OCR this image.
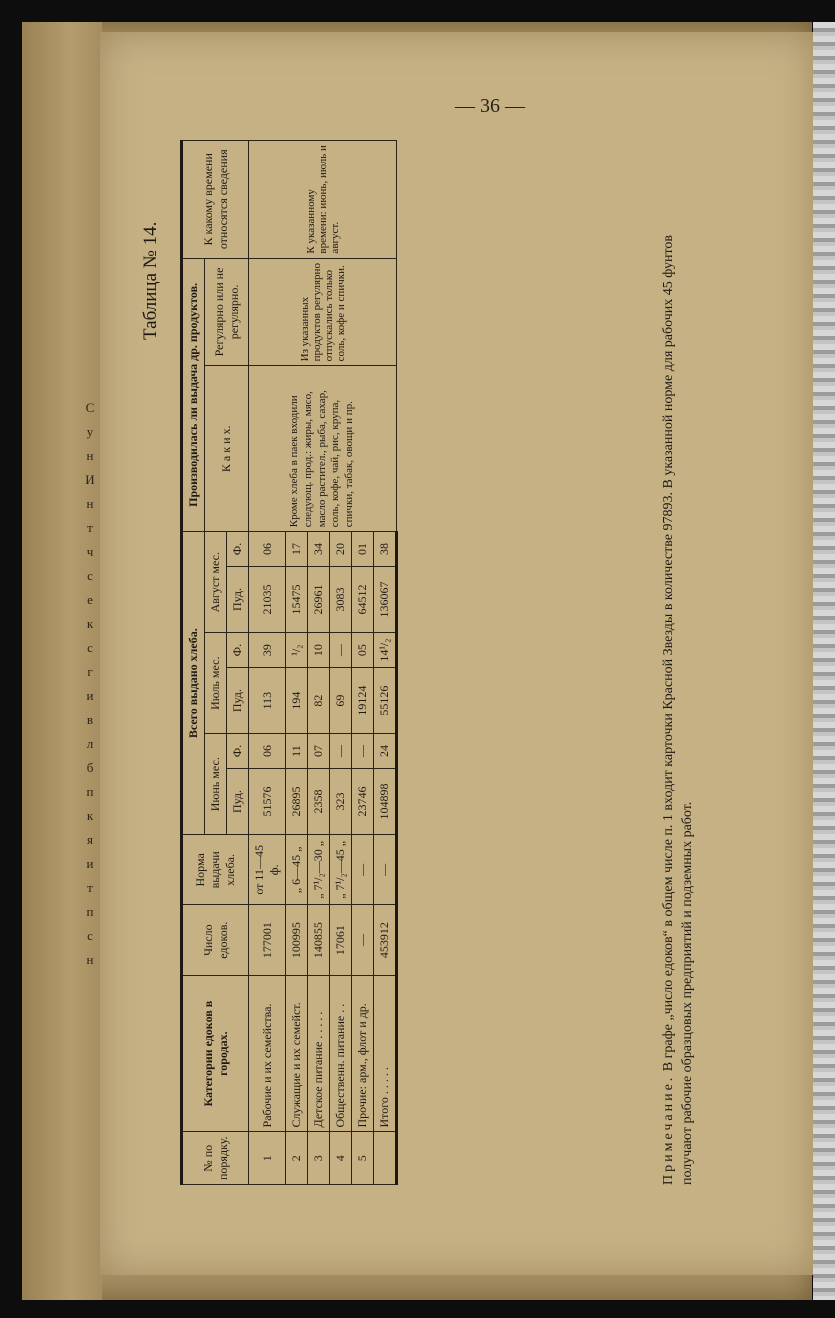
С
у
н
И
н
т
ч
с
е
к
с
г
и
в
л
б
п
к
я
и
т
п
с
н
— 36 —
Таблица № 14.
№ по порядку.	Категории едоков в городах.	Число едоков.	Норма выдачи хлеба.	Всего выдано хлеба.						Производилась ли выдача др. продуктов.		К какому времени относятся сведения
				Июнь мес.		Июль мес.		Август мес.		К а к и х.	Регулярно или не регулярно.	
				Пуд.	Ф.	Пуд.	Ф.	Пуд.	Ф.			
1	Рабочие и их семейства.	177001	от 11—45 ф.	51576	06	113	39	21035	06	Кроме хлеба в паек входили следующ. прод.: жиры, мясо, масло растител., рыба, сахар, соль, кофе, чай, рис, крупа, спички, табак, овощи и пр.	Из указанных продуктов регулярно отпускались только соль, кофе и спички.	К указанному времени: июнь, июль и август.
2	Служащие и их семейст.	100995	„ 6—45 „	26895	11	194	¹/₂	15475	17			
3	Детское питание . . . . .	140855	„ 7¹/₂—30 „	2358	07	82	10	26961	34			
4	Общественн. питание . .	17061	„ 7¹/₂—45 „	323	—	69	—	3083	20			
5	Прочие: арм., флот и др.	—	—	23746	—	19124	05	64512	01			
	Итого . . . . .	453912	—	104898	24	55126	14¹/₂	136067	38			
Примечание. В графе „число едоков“ в общем числе п. 1 входит карточки Красной Звезды в количестве 97893. В указанной норме для рабочих 45 фунтов получают рабочие образцовых предприятий и подземных работ.
